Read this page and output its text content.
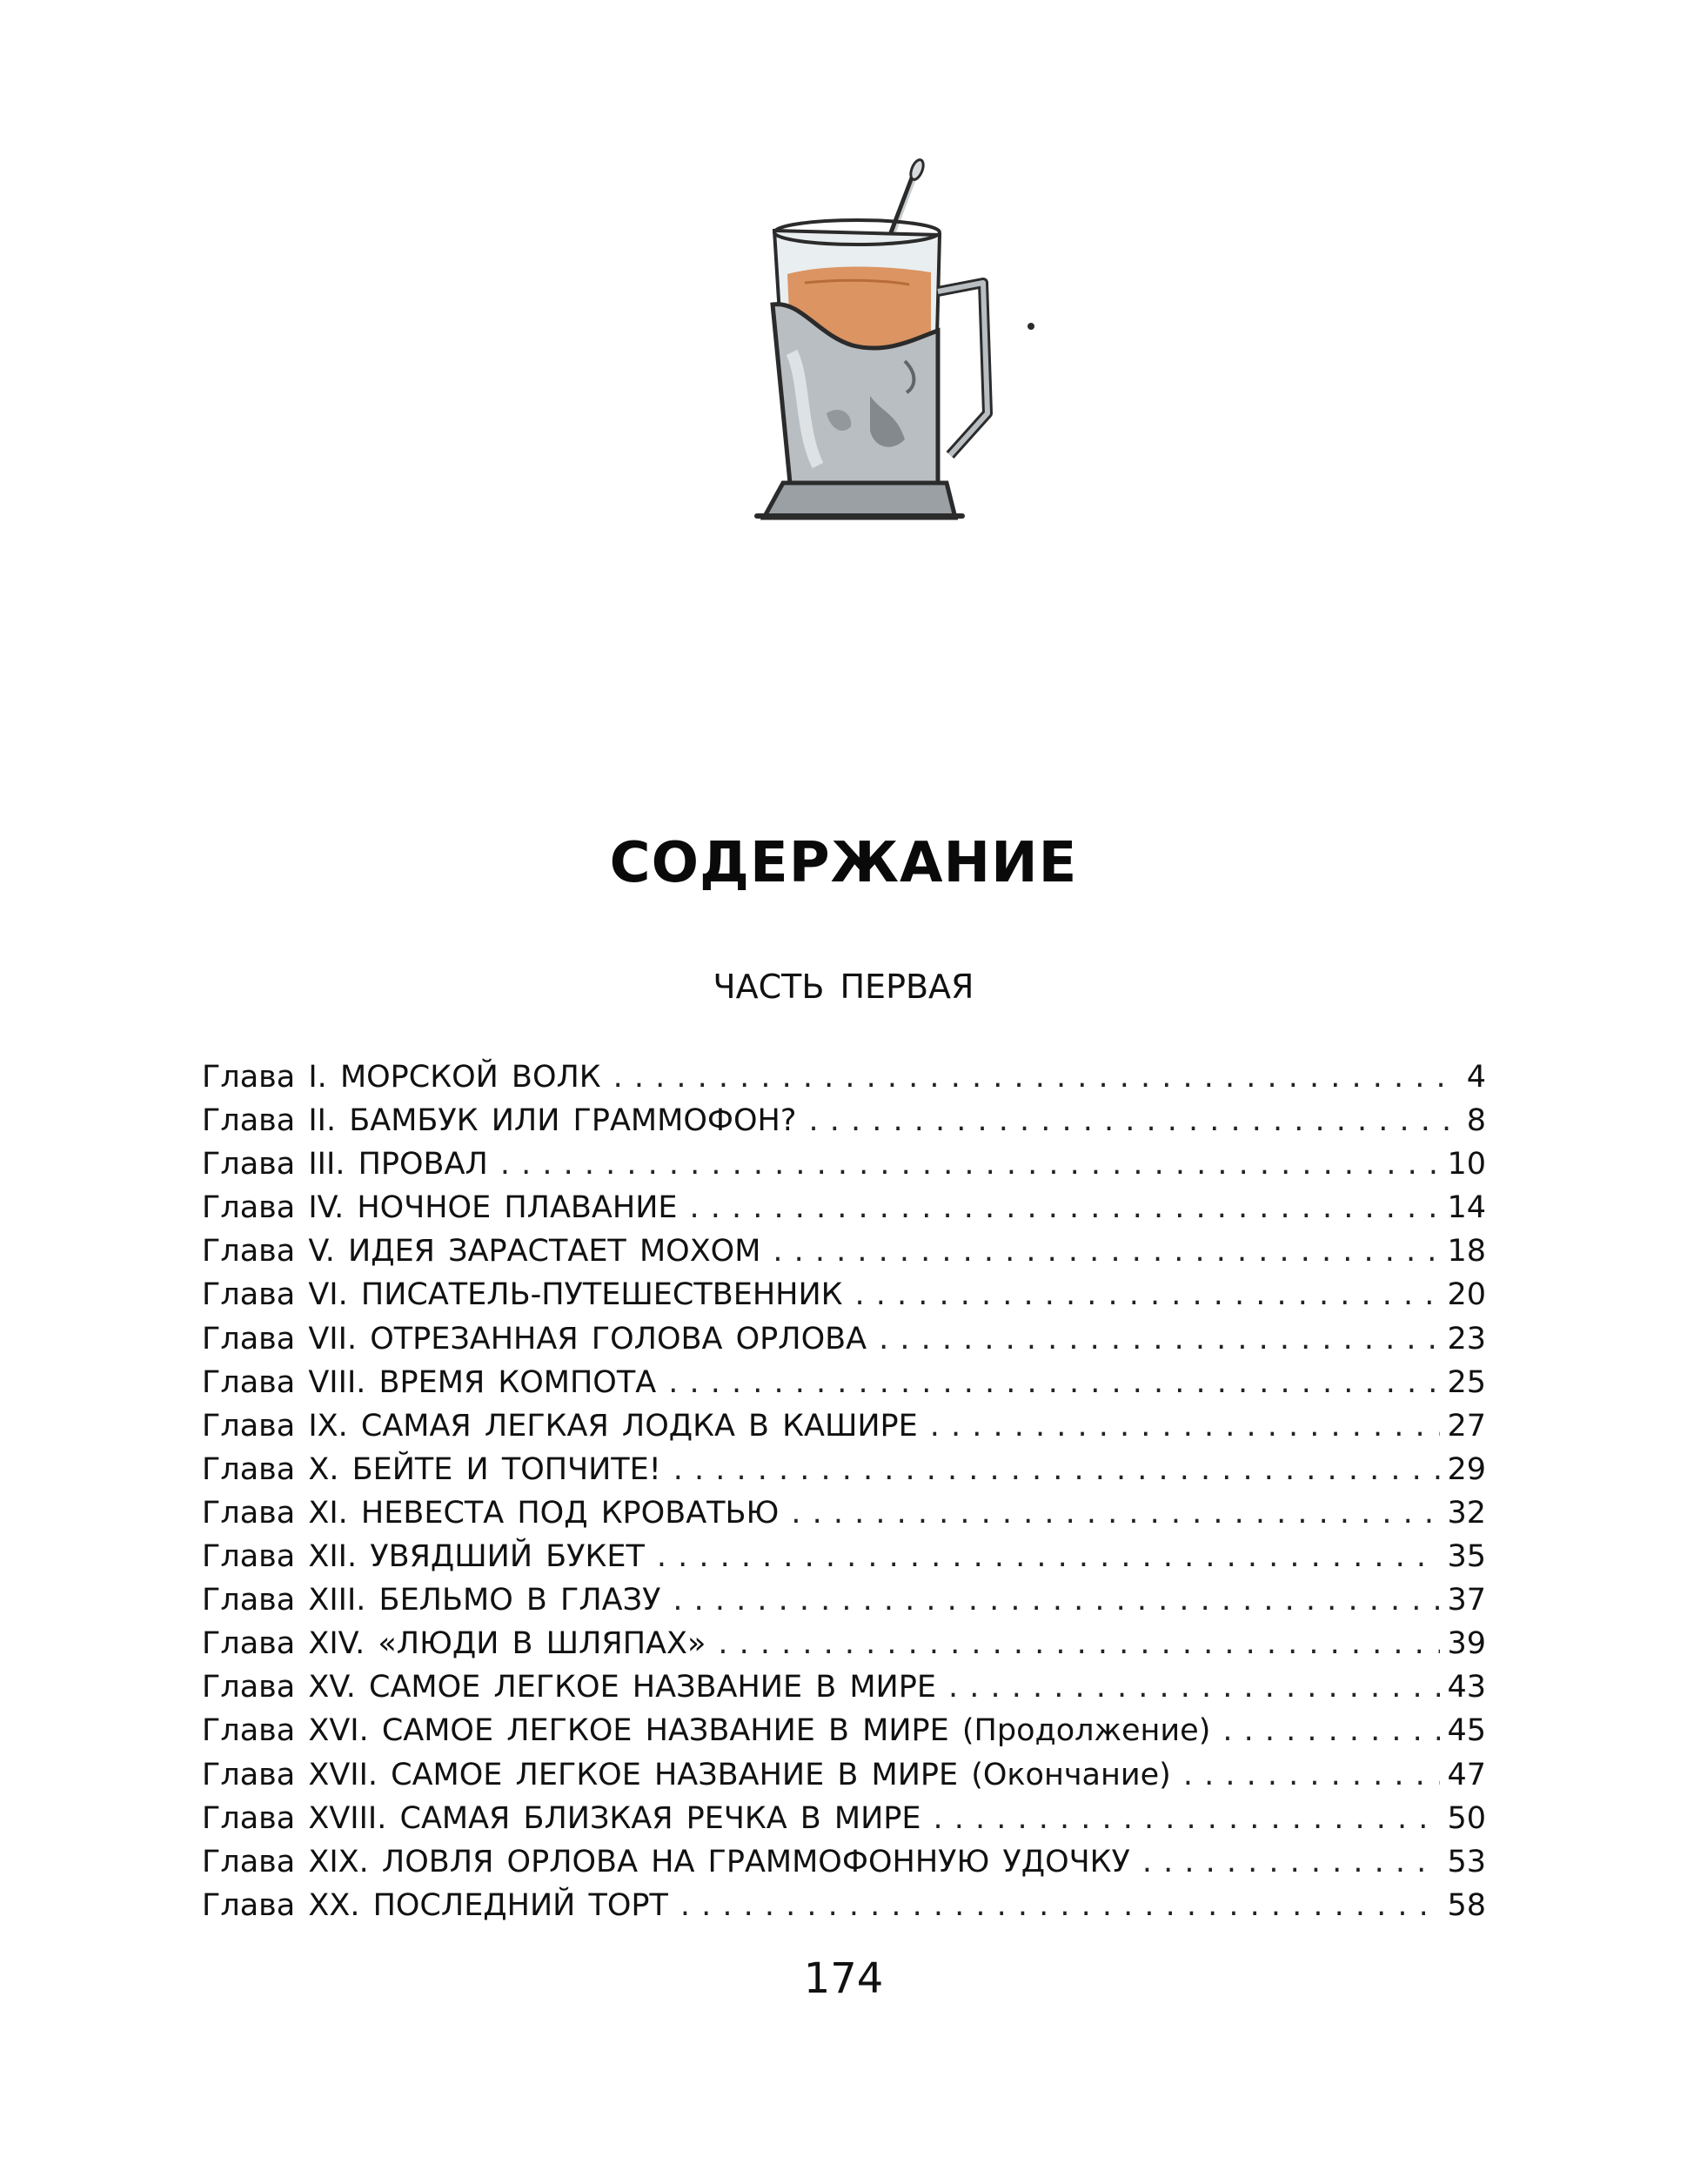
СОДЕРЖАНИЕ
ЧАСТЬ ПЕРВАЯ
Глава I. МОРСКОЙ ВОЛК . . .	4
Глава II. БАМБУК ИЛИ ГРАММОФОН? . . .	8
Глава III. ПРОВАЛ . . .	10
Глава IV. НОЧНОЕ ПЛАВАНИЕ . . .	14
Глава V. ИДЕЯ ЗАРАСТАЕТ МОХОМ . . .	18
Глава VI. ПИСАТЕЛЬ-ПУТЕШЕСТВЕННИК . . .	20
Глава VII. ОТРЕЗАННАЯ ГОЛОВА ОРЛОВА . . .	23
Глава VIII. ВРЕМЯ КОМПОТА . . .	25
Глава IX. САМАЯ ЛЕГКАЯ ЛОДКА В КАШИРЕ . . .	27
Глава X. БЕЙТЕ И ТОПЧИТЕ! . . .	29
Глава XI. НЕВЕСТА ПОД КРОВАТЬЮ . . .	32
Глава XII. УВЯДШИЙ БУКЕТ . . .	35
Глава XIII. БЕЛЬМО В ГЛАЗУ . . .	37
Глава XIV. «ЛЮДИ В ШЛЯПАХ» . . .	39
Глава XV. САМОЕ ЛЕГКОЕ НАЗВАНИЕ В МИРЕ . . .	43
Глава XVI. САМОЕ ЛЕГКОЕ НАЗВАНИЕ В МИРЕ (Продолжение) . . .	45
Глава XVII. САМОЕ ЛЕГКОЕ НАЗВАНИЕ В МИРЕ (Окончание) . . .	47
Глава XVIII. САМАЯ БЛИЗКАЯ РЕЧКА В МИРЕ . . .	50
Глава XIX. ЛОВЛЯ ОРЛОВА НА ГРАММОФОННУЮ УДОЧКУ . . .	53
Глава XX. ПОСЛЕДНИЙ ТОРТ . . .	58
174
